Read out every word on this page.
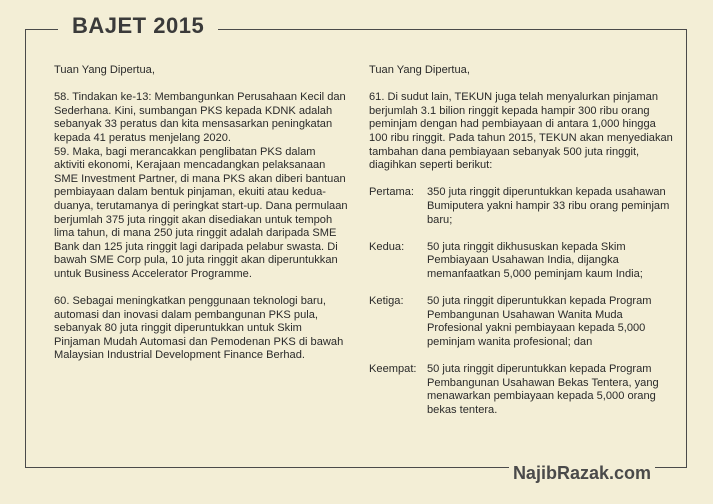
BAJET 2015

Tuan Yang Dipertua,

58. Tindakan ke-13: Membangunkan Perusahaan Kecil dan Sederhana. Kini, sumbangan PKS kepada KDNK adalah sebanyak 33 peratus dan kita mensasarkan peningkatan kepada 41 peratus menjelang 2020.

59. Maka, bagi merancakkan penglibatan PKS dalam aktiviti ekonomi, Kerajaan mencadangkan pelaksanaan SME Investment Partner, di mana PKS akan diberi bantuan pembiayaan dalam bentuk pinjaman, ekuiti atau kedua-duanya, terutamanya di peringkat start-up. Dana permulaan berjumlah 375 juta ringgit akan disediakan untuk tempoh lima tahun, di mana 250 juta ringgit adalah daripada SME Bank dan 125 juta ringgit lagi daripada pelabur swasta. Di bawah SME Corp pula, 10 juta ringgit akan diperuntukkan untuk Business Accelerator Programme.

60. Sebagai meningkatkan penggunaan teknologi baru, automasi dan inovasi dalam pembangunan PKS pula, sebanyak 80 juta ringgit diperuntukkan untuk Skim Pinjaman Mudah Automasi dan Pemodenan PKS di bawah Malaysian Industrial Development Finance Berhad.

Tuan Yang Dipertua,

61. Di sudut lain, TEKUN juga telah menyalurkan pinjaman berjumlah 3.1 bilion ringgit kepada hampir 300 ribu orang peminjam dengan had pembiayaan di antara 1,000 hingga 100 ribu ringgit. Pada tahun 2015, TEKUN akan menyediakan tambahan dana pembiayaan sebanyak 500 juta ringgit, diagihkan seperti berikut:

Pertama:	350 juta ringgit diperuntukkan kepada usahawan Bumiputera yakni hampir 33 ribu orang peminjam baru;
Kedua:	50 juta ringgit dikhususkan kepada Skim Pembiayaan Usahawan India, dijangka memanfaatkan 5,000 peminjam kaum India;
Ketiga:	50 juta ringgit diperuntukkan kepada Program Pembangunan Usahawan Wanita Muda Profesional yakni pembiayaan kepada 5,000 peminjam wanita profesional; dan
Keempat: 50 juta ringgit diperuntukkan kepada Program Pembangunan Usahawan Bekas Tentera, yang menawarkan pembiayaan kepada 5,000 orang bekas tentera.
NajibRazak.com
